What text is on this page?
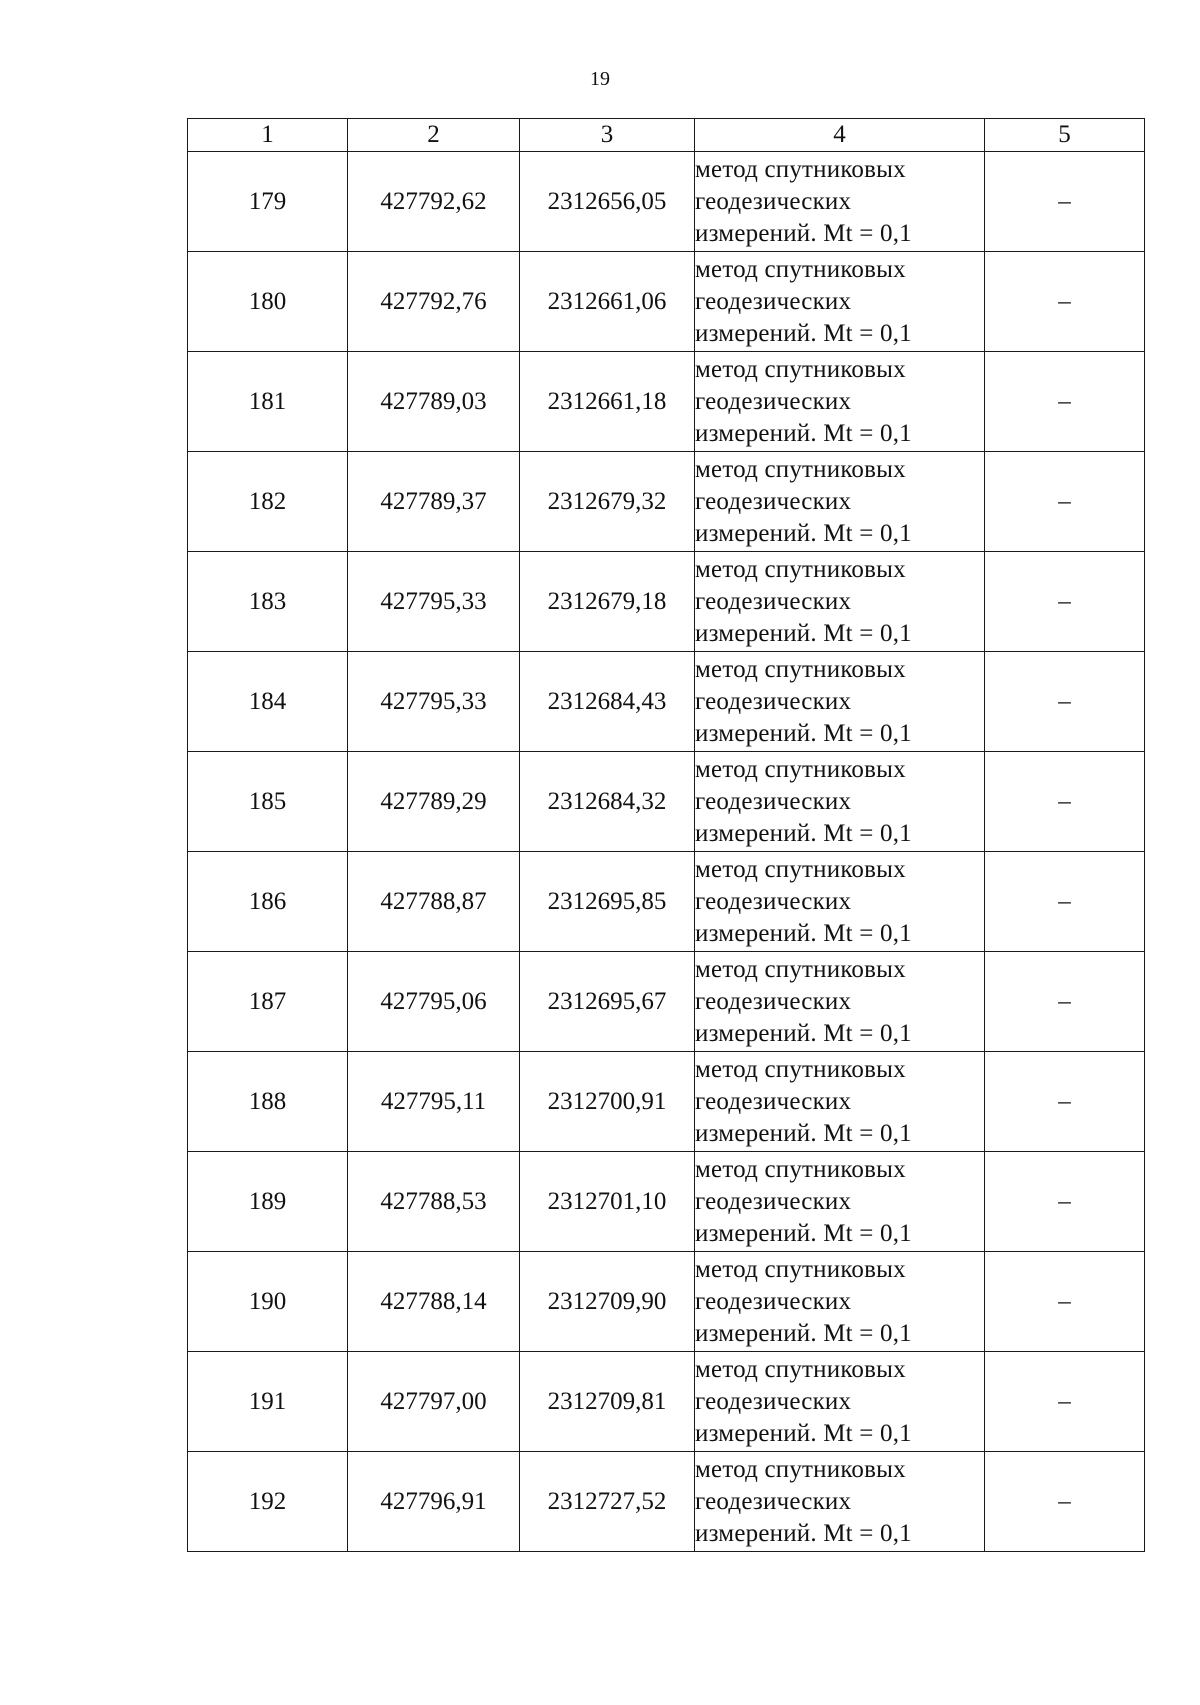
19
1	2	3	4	5
179	427792,62	2312656,05	метод спутниковых
геодезических
измерений. Mt = 0,1	–
180	427792,76	2312661,06	метод спутниковых
геодезических
измерений. Mt = 0,1	–
181	427789,03	2312661,18	метод спутниковых
геодезических
измерений. Mt = 0,1	–
182	427789,37	2312679,32	метод спутниковых
геодезических
измерений. Mt = 0,1	–
183	427795,33	2312679,18	метод спутниковых
геодезических
измерений. Mt = 0,1	–
184	427795,33	2312684,43	метод спутниковых
геодезических
измерений. Mt = 0,1	–
185	427789,29	2312684,32	метод спутниковых
геодезических
измерений. Mt = 0,1	–
186	427788,87	2312695,85	метод спутниковых
геодезических
измерений. Mt = 0,1	–
187	427795,06	2312695,67	метод спутниковых
геодезических
измерений. Mt = 0,1	–
188	427795,11	2312700,91	метод спутниковых
геодезических
измерений. Mt = 0,1	–
189	427788,53	2312701,10	метод спутниковых
геодезических
измерений. Mt = 0,1	–
190	427788,14	2312709,90	метод спутниковых
геодезических
измерений. Mt = 0,1	–
191	427797,00	2312709,81	метод спутниковых
геодезических
измерений. Mt = 0,1	–
192	427796,91	2312727,52	метод спутниковых
геодезических
измерений. Mt = 0,1	–
